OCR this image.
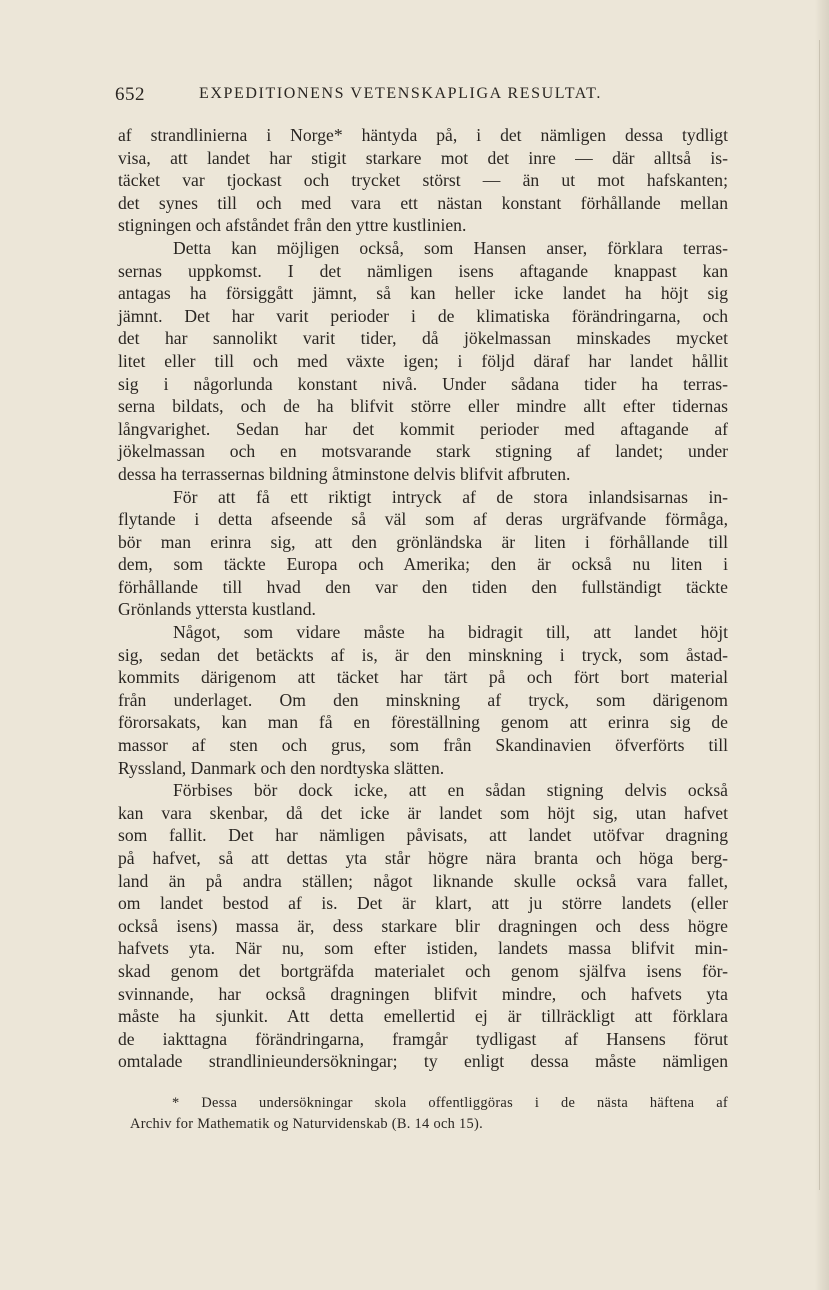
652	EXPEDITIONENS VETENSKAPLIGA RESULTAT.
af strandlinierna i Norge* häntyda på, i det nämligen dessa tydligt
visa, att landet har stigit starkare mot det inre — där alltså is-
täcket var tjockast och trycket störst — än ut mot hafskanten;
det synes till och med vara ett nästan konstant förhållande mellan
stigningen och afståndet från den yttre kustlinien.
Detta kan möjligen också, som Hansen anser, förklara terras-
sernas uppkomst. I det nämligen isens aftagande knappast kan
antagas ha försiggått jämnt, så kan heller icke landet ha höjt sig
jämnt. Det har varit perioder i de klimatiska förändringarna, och
det har sannolikt varit tider, då jökelmassan minskades mycket
litet eller till och med växte igen; i följd däraf har landet hållit
sig i någorlunda konstant nivå. Under sådana tider ha terras-
serna bildats, och de ha blifvit större eller mindre allt efter tidernas
långvarighet. Sedan har det kommit perioder med aftagande af
jökelmassan och en motsvarande stark stigning af landet; under
dessa ha terrassernas bildning åtminstone delvis blifvit afbruten.
För att få ett riktigt intryck af de stora inlandsisarnas in-
flytande i detta afseende så väl som af deras urgräfvande förmåga,
bör man erinra sig, att den grönländska är liten i förhållande till
dem, som täckte Europa och Amerika; den är också nu liten i
förhållande till hvad den var den tiden den fullständigt täckte
Grönlands yttersta kustland.
Något, som vidare måste ha bidragit till, att landet höjt
sig, sedan det betäckts af is, är den minskning i tryck, som åstad-
kommits därigenom att täcket har tärt på och fört bort material
från underlaget. Om den minskning af tryck, som därigenom
förorsakats, kan man få en föreställning genom att erinra sig de
massor af sten och grus, som från Skandinavien öfverförts till
Ryssland, Danmark och den nordtyska slätten.
Förbises bör dock icke, att en sådan stigning delvis också
kan vara skenbar, då det icke är landet som höjt sig, utan hafvet
som fallit. Det har nämligen påvisats, att landet utöfvar dragning
på hafvet, så att dettas yta står högre nära branta och höga berg-
land än på andra ställen; något liknande skulle också vara fallet,
om landet bestod af is. Det är klart, att ju större landets (eller
också isens) massa är, dess starkare blir dragningen och dess högre
hafvets yta. När nu, som efter istiden, landets massa blifvit min-
skad genom det bortgräfda materialet och genom själfva isens för-
svinnande, har också dragningen blifvit mindre, och hafvets yta
måste ha sjunkit. Att detta emellertid ej är tillräckligt att förklara
de iakttagna förändringarna, framgår tydligast af Hansens förut
omtalade strandlinieundersökningar; ty enligt dessa måste nämligen
* Dessa undersökningar skola offentliggöras i de nästa häftena af
Archiv for Mathematik og Naturvidenskab (B. 14 och 15).
